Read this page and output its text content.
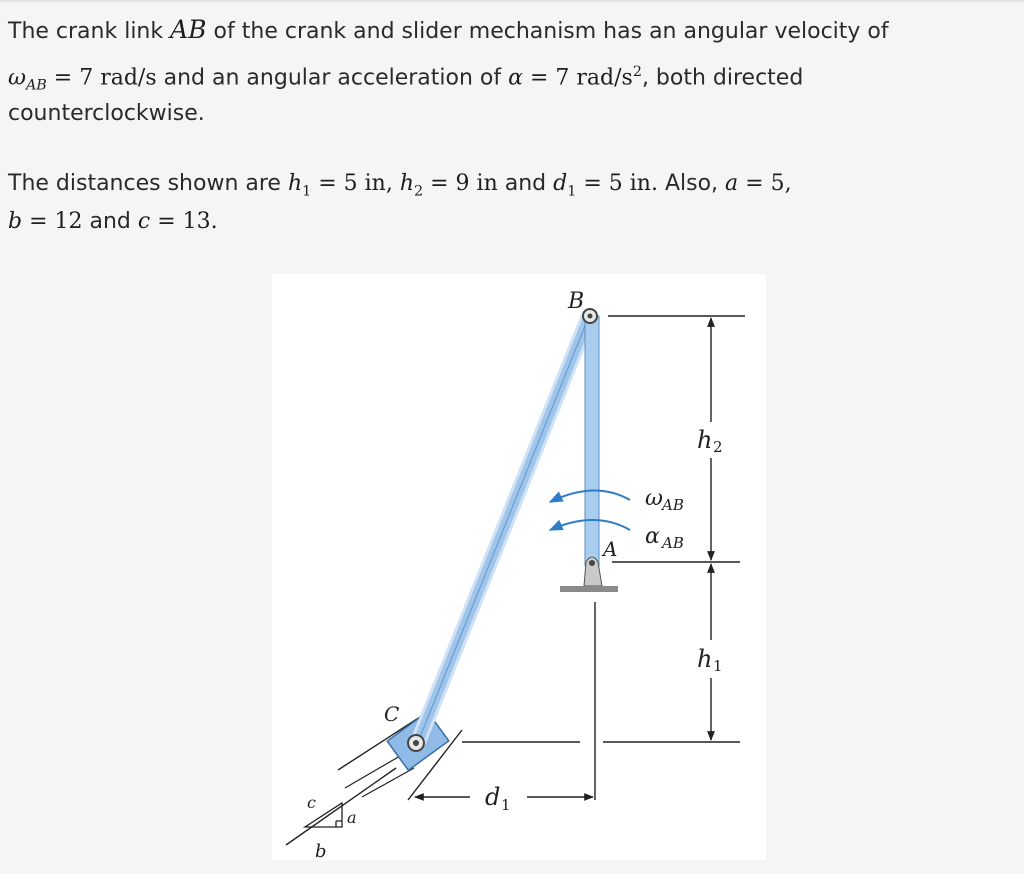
The crank link AB of the crank and slider mechanism has an angular velocity of
$\omega_{AB} = 7$ rad/s and an angular acceleration of α = 7 rad/$s^2$, both directed
counterclockwise.
The distances shown are $h_1 = 5$ in, $h_2 = 9$ in and $d_1 = 5$ in. Also, a = 5,
b = 12 and c = 13.
B
A
C
h 2
h 1
d 1
ω AB
α AB
a
b
c
